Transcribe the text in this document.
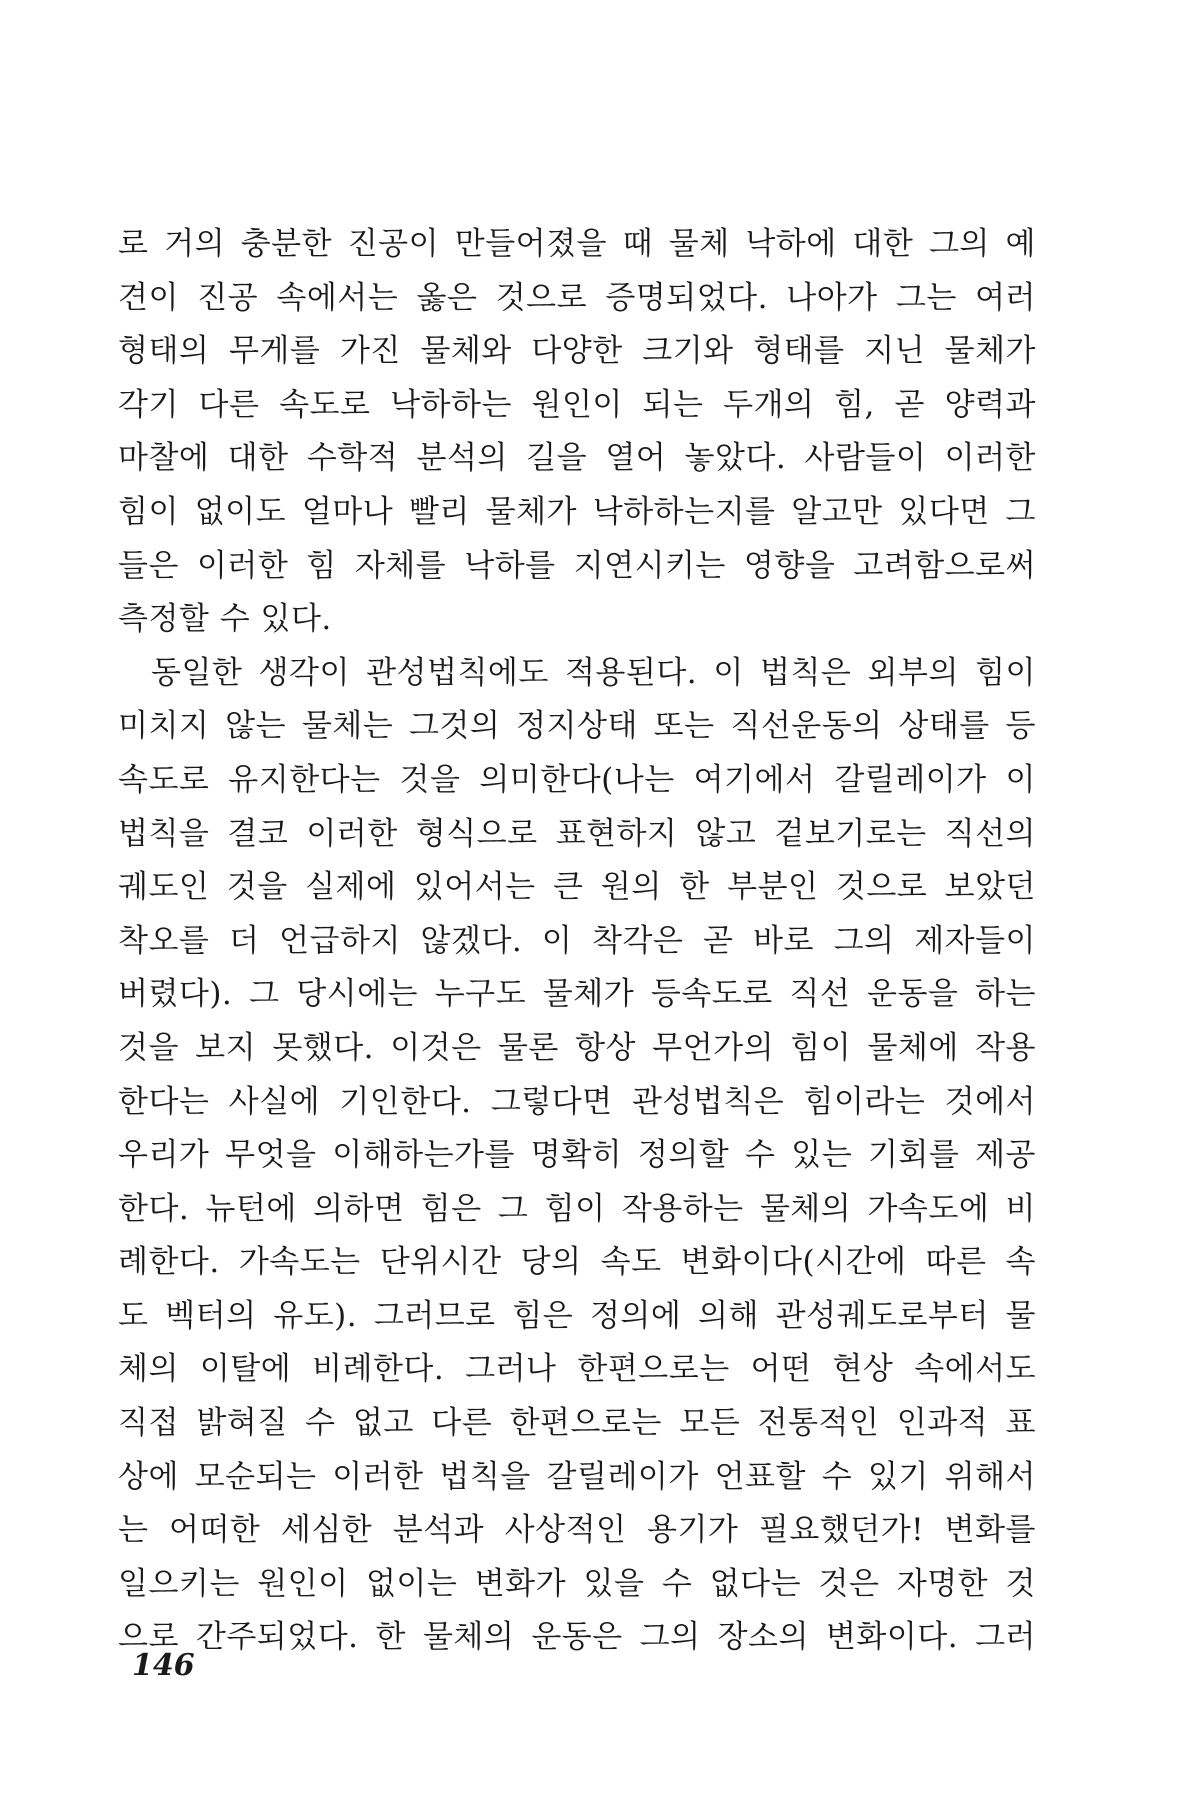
로 거의 충분한 진공이 만들어졌을 때 물체 낙하에 대한 그의 예
견이 진공 속에서는 옳은 것으로 증명되었다. 나아가 그는 여러
형태의 무게를 가진 물체와 다양한 크기와 형태를 지닌 물체가
각기 다른 속도로 낙하하는 원인이 되는 두개의 힘, 곧 양력과
마찰에 대한 수학적 분석의 길을 열어 놓았다. 사람들이 이러한
힘이 없이도 얼마나 빨리 물체가 낙하하는지를 알고만 있다면 그
들은 이러한 힘 자체를 낙하를 지연시키는 영향을 고려함으로써
측정할 수 있다.
동일한 생각이 관성법칙에도 적용된다. 이 법칙은 외부의 힘이
미치지 않는 물체는 그것의 정지상태 또는 직선운동의 상태를 등
속도로 유지한다는 것을 의미한다(나는 여기에서 갈릴레이가 이
법칙을 결코 이러한 형식으로 표현하지 않고 겉보기로는 직선의
궤도인 것을 실제에 있어서는 큰 원의 한 부분인 것으로 보았던
착오를 더 언급하지 않겠다. 이 착각은 곧 바로 그의 제자들이
버렸다). 그 당시에는 누구도 물체가 등속도로 직선 운동을 하는
것을 보지 못했다. 이것은 물론 항상 무언가의 힘이 물체에 작용
한다는 사실에 기인한다. 그렇다면 관성법칙은 힘이라는 것에서
우리가 무엇을 이해하는가를 명확히 정의할 수 있는 기회를 제공
한다. 뉴턴에 의하면 힘은 그 힘이 작용하는 물체의 가속도에 비
례한다. 가속도는 단위시간 당의 속도 변화이다(시간에 따른 속
도 벡터의 유도). 그러므로 힘은 정의에 의해 관성궤도로부터 물
체의 이탈에 비례한다. 그러나 한편으로는 어떤 현상 속에서도
직접 밝혀질 수 없고 다른 한편으로는 모든 전통적인 인과적 표
상에 모순되는 이러한 법칙을 갈릴레이가 언표할 수 있기 위해서
는 어떠한 세심한 분석과 사상적인 용기가 필요했던가! 변화를
일으키는 원인이 없이는 변화가 있을 수 없다는 것은 자명한 것
으로 간주되었다. 한 물체의 운동은 그의 장소의 변화이다. 그러
146
